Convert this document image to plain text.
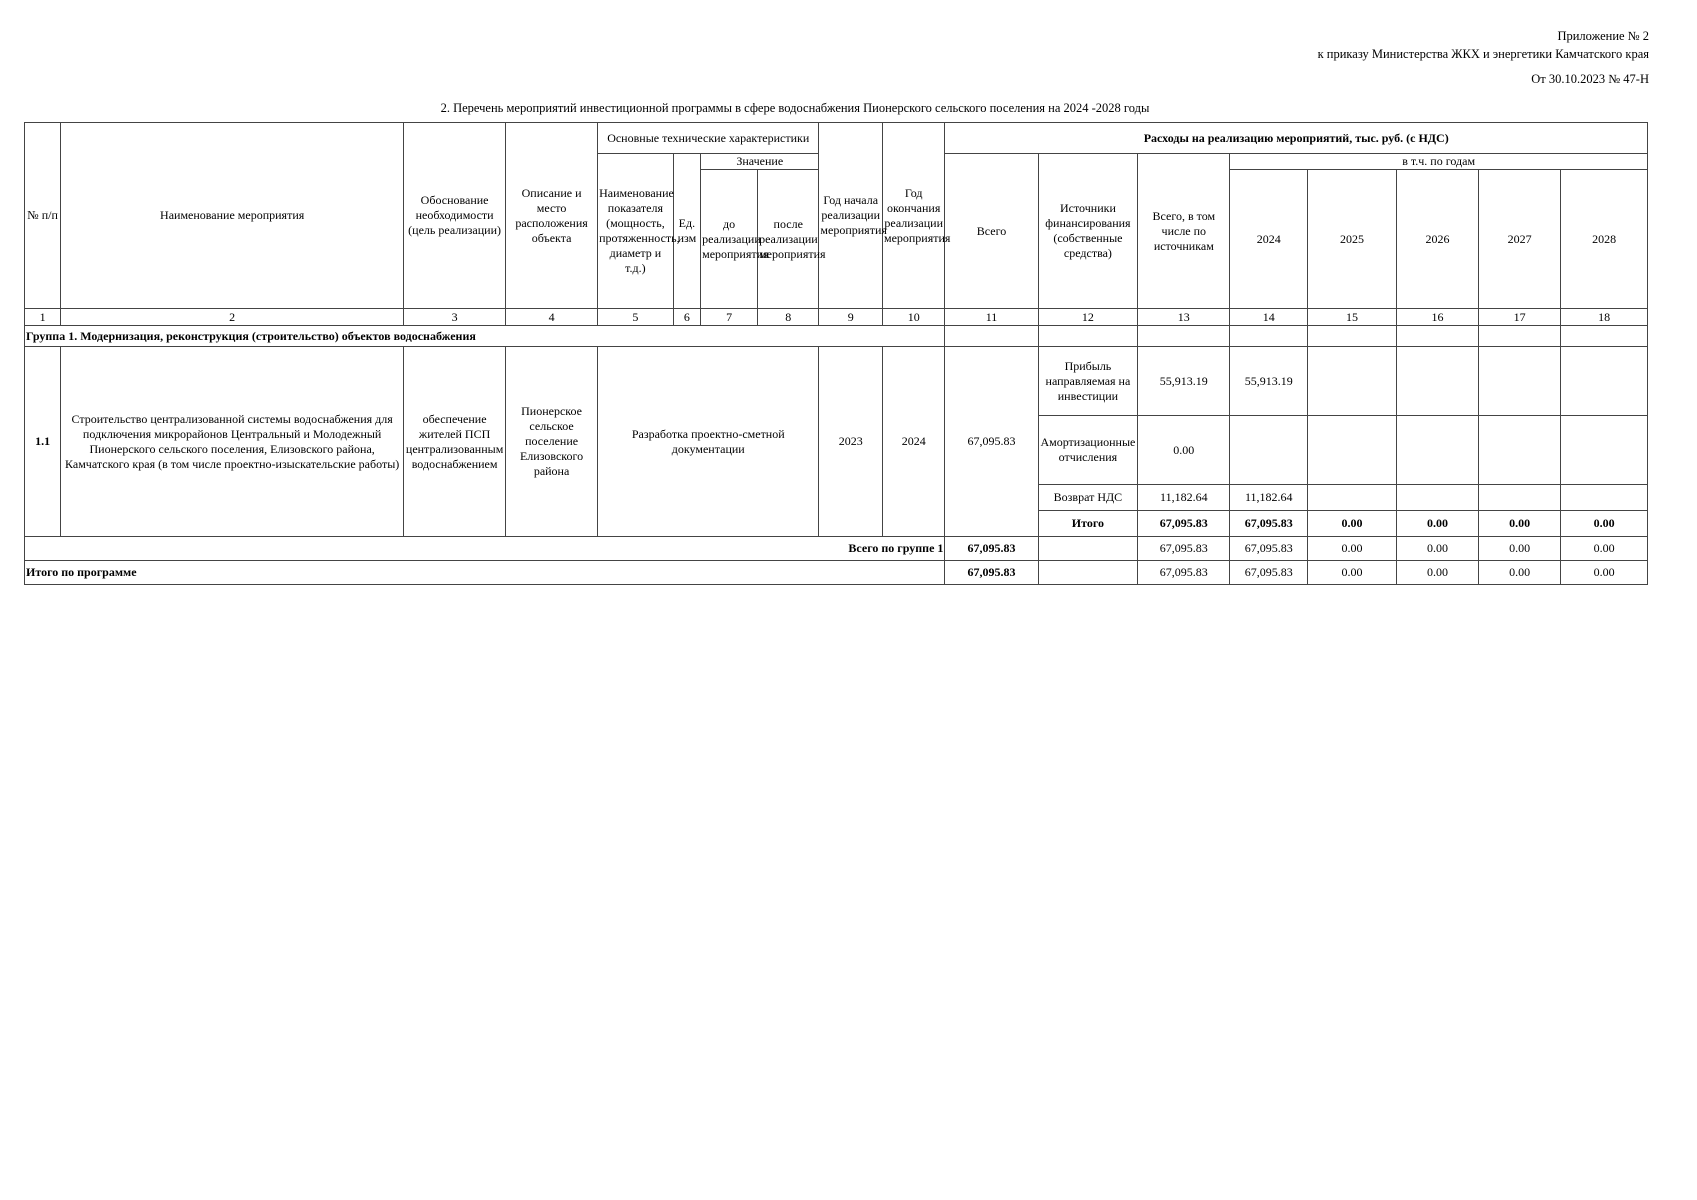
Приложение № 2
к приказу Министерства ЖКХ и энергетики Камчатского края
От 30.10.2023 № 47-Н
2. Перечень мероприятий инвестиционной программы в сфере водоснабжения Пионерского сельского поселения на 2024 -2028 годы
№ п/п	Наименование мероприятия	Обоснование необходимости (цель реализации)	Описание и место расположения объекта	Основные технические характеристики				Год начала реализации мероприятия	Год окончания реализации мероприятия	Расходы на реализацию мероприятий, тыс. руб. (с НДС)							
				Наименование показателя (мощность, протяженность, диаметр и т.д.)	Ед. изм	Значение				Всего	Источники финансирования (собственные средства)	Всего, в том числе по источникам	в т.ч. по годам				
						до реализации мероприятия	после реализации мероприятия						2024	2025	2026	2027	2028

1	2	3	4	5	6	7	8	9	10	11	12	13	14	15	16	17	18
Группа 1. Модернизация, реконструкция (строительство) объектов водоснабжения																	
1.1	Строительство централизованной системы водоснабжения для подключения микрорайонов Центральный и Молодежный Пионерского сельского поселения, Елизовского района, Камчатского края (в том числе проектно-изыскательские работы)	обеспечение жителей ПСП централизованным водоснабжением	Пионерское сельское поселение Елизовского района	Разработка проектно-сметной документации				2023	2024	67,095.83	Прибыль направляемая на инвестиции	55,913.19	55,913.19				
											Амортизационные отчисления	0.00					
											Возврат НДС	11,182.64	11,182.64				
											Итого	67,095.83	67,095.83	0.00	0.00	0.00	0.00
Всего по группе 1										67,095.83		67,095.83	67,095.83	0.00	0.00	0.00	0.00
Итого по программе										67,095.83		67,095.83	67,095.83	0.00	0.00	0.00	0.00
